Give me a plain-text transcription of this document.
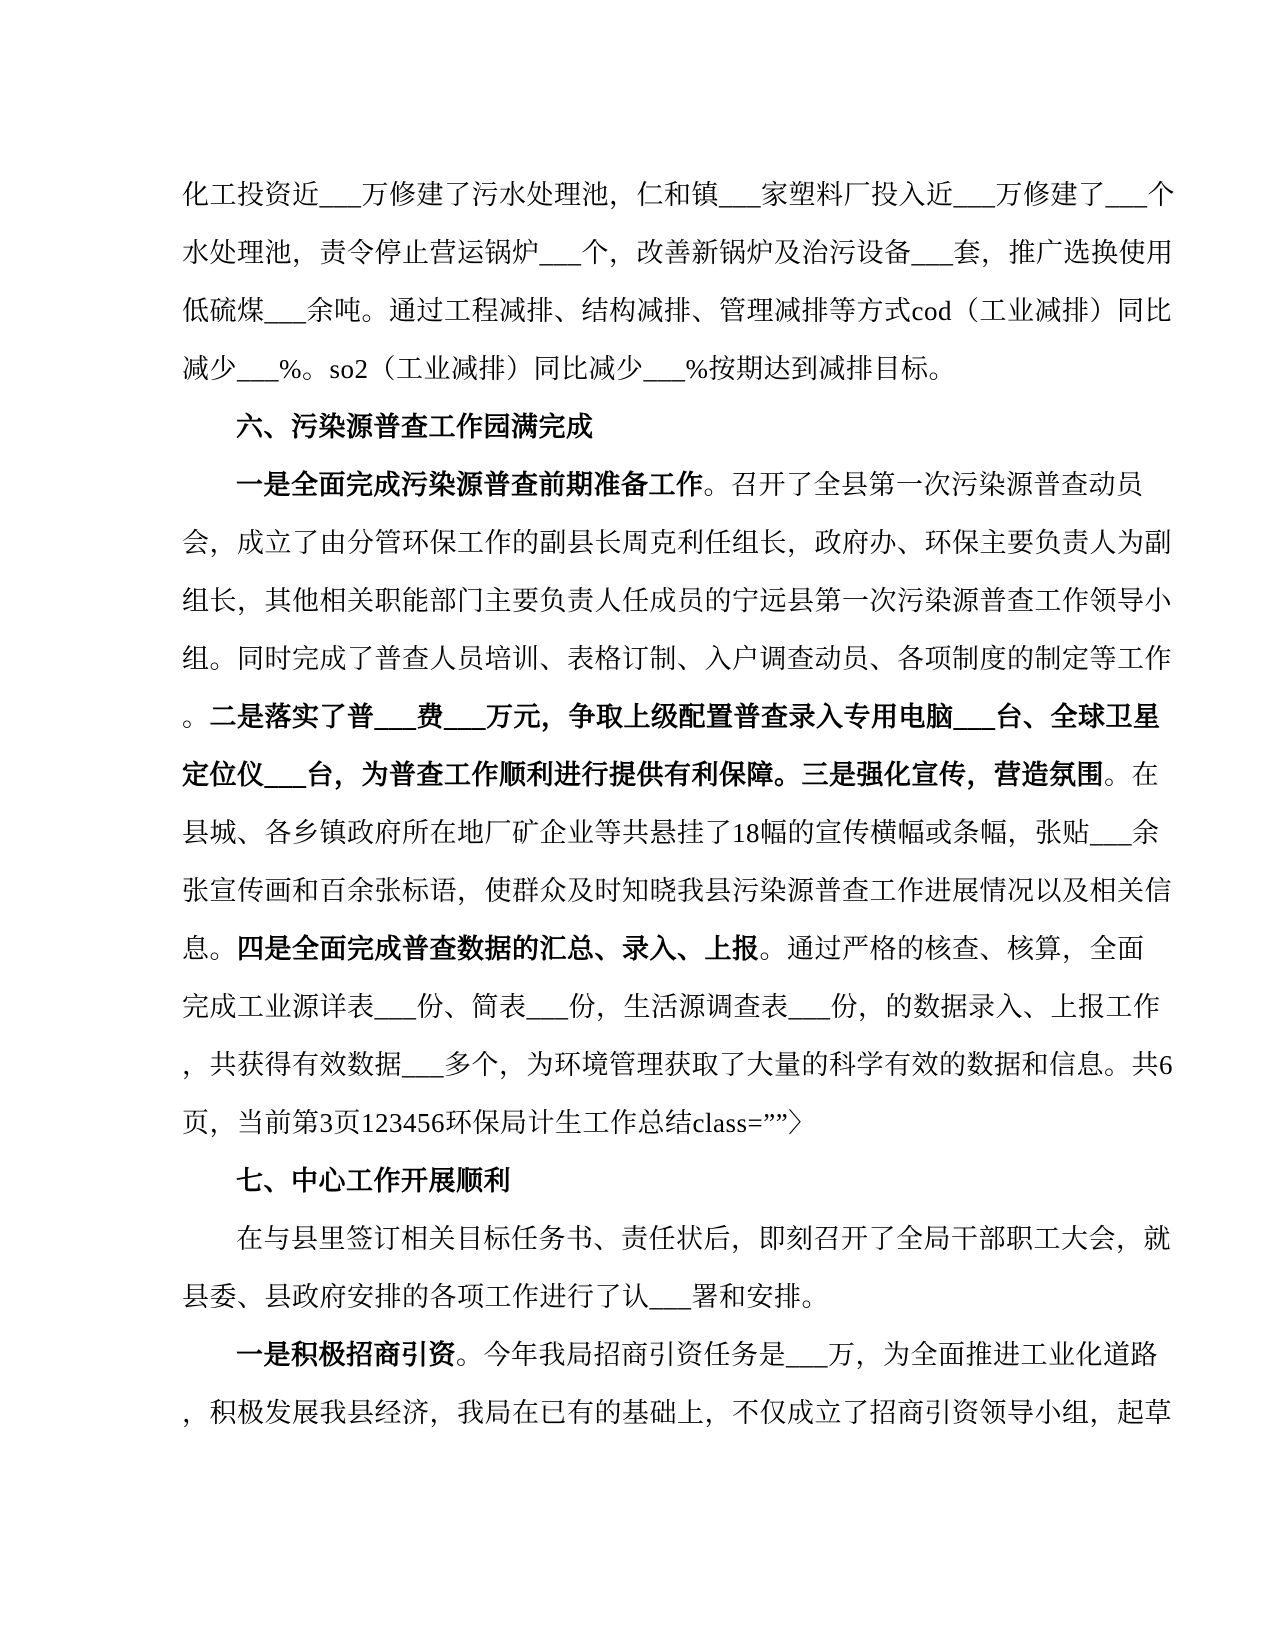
化工投资近___万修建了污水处理池，仁和镇___家塑料厂投入近___万修建了___个
水处理池，责令停止营运锅炉___个，改善新锅炉及治污设备___套，推广选换使用
低硫煤___余吨。通过工程减排、结构减排、管理减排等方式cod（工业减排）同比
减少___%。so2（工业减排）同比减少___%按期达到减排目标。
六、污染源普查工作园满完成
一是全面完成污染源普查前期准备工作。召开了全县第一次污染源普查动员
会，成立了由分管环保工作的副县长周克利任组长，政府办、环保主要负责人为副
组长，其他相关职能部门主要负责人任成员的宁远县第一次污染源普查工作领导小
组。同时完成了普查人员培训、表格订制、入户调查动员、各项制度的制定等工作
。二是落实了普___费___万元，争取上级配置普查录入专用电脑___台、全球卫星
定位仪___台，为普查工作顺利进行提供有利保障。三是强化宣传，营造氛围。在
县城、各乡镇政府所在地厂矿企业等共悬挂了18幅的宣传横幅或条幅，张贴___余
张宣传画和百余张标语，使群众及时知晓我县污染源普查工作进展情况以及相关信
息。四是全面完成普查数据的汇总、录入、上报。通过严格的核查、核算，全面
完成工业源详表___份、简表___份，生活源调查表___份，的数据录入、上报工作
，共获得有效数据___多个，为环境管理获取了大量的科学有效的数据和信息。共6
页，当前第3页123456环保局计生工作总结class=””〉
七、中心工作开展顺利
在与县里签订相关目标任务书、责任状后，即刻召开了全局干部职工大会，就
县委、县政府安排的各项工作进行了认___署和安排。
一是积极招商引资。今年我局招商引资任务是___万，为全面推进工业化道路
，积极发展我县经济，我局在已有的基础上，不仅成立了招商引资领导小组，起草
